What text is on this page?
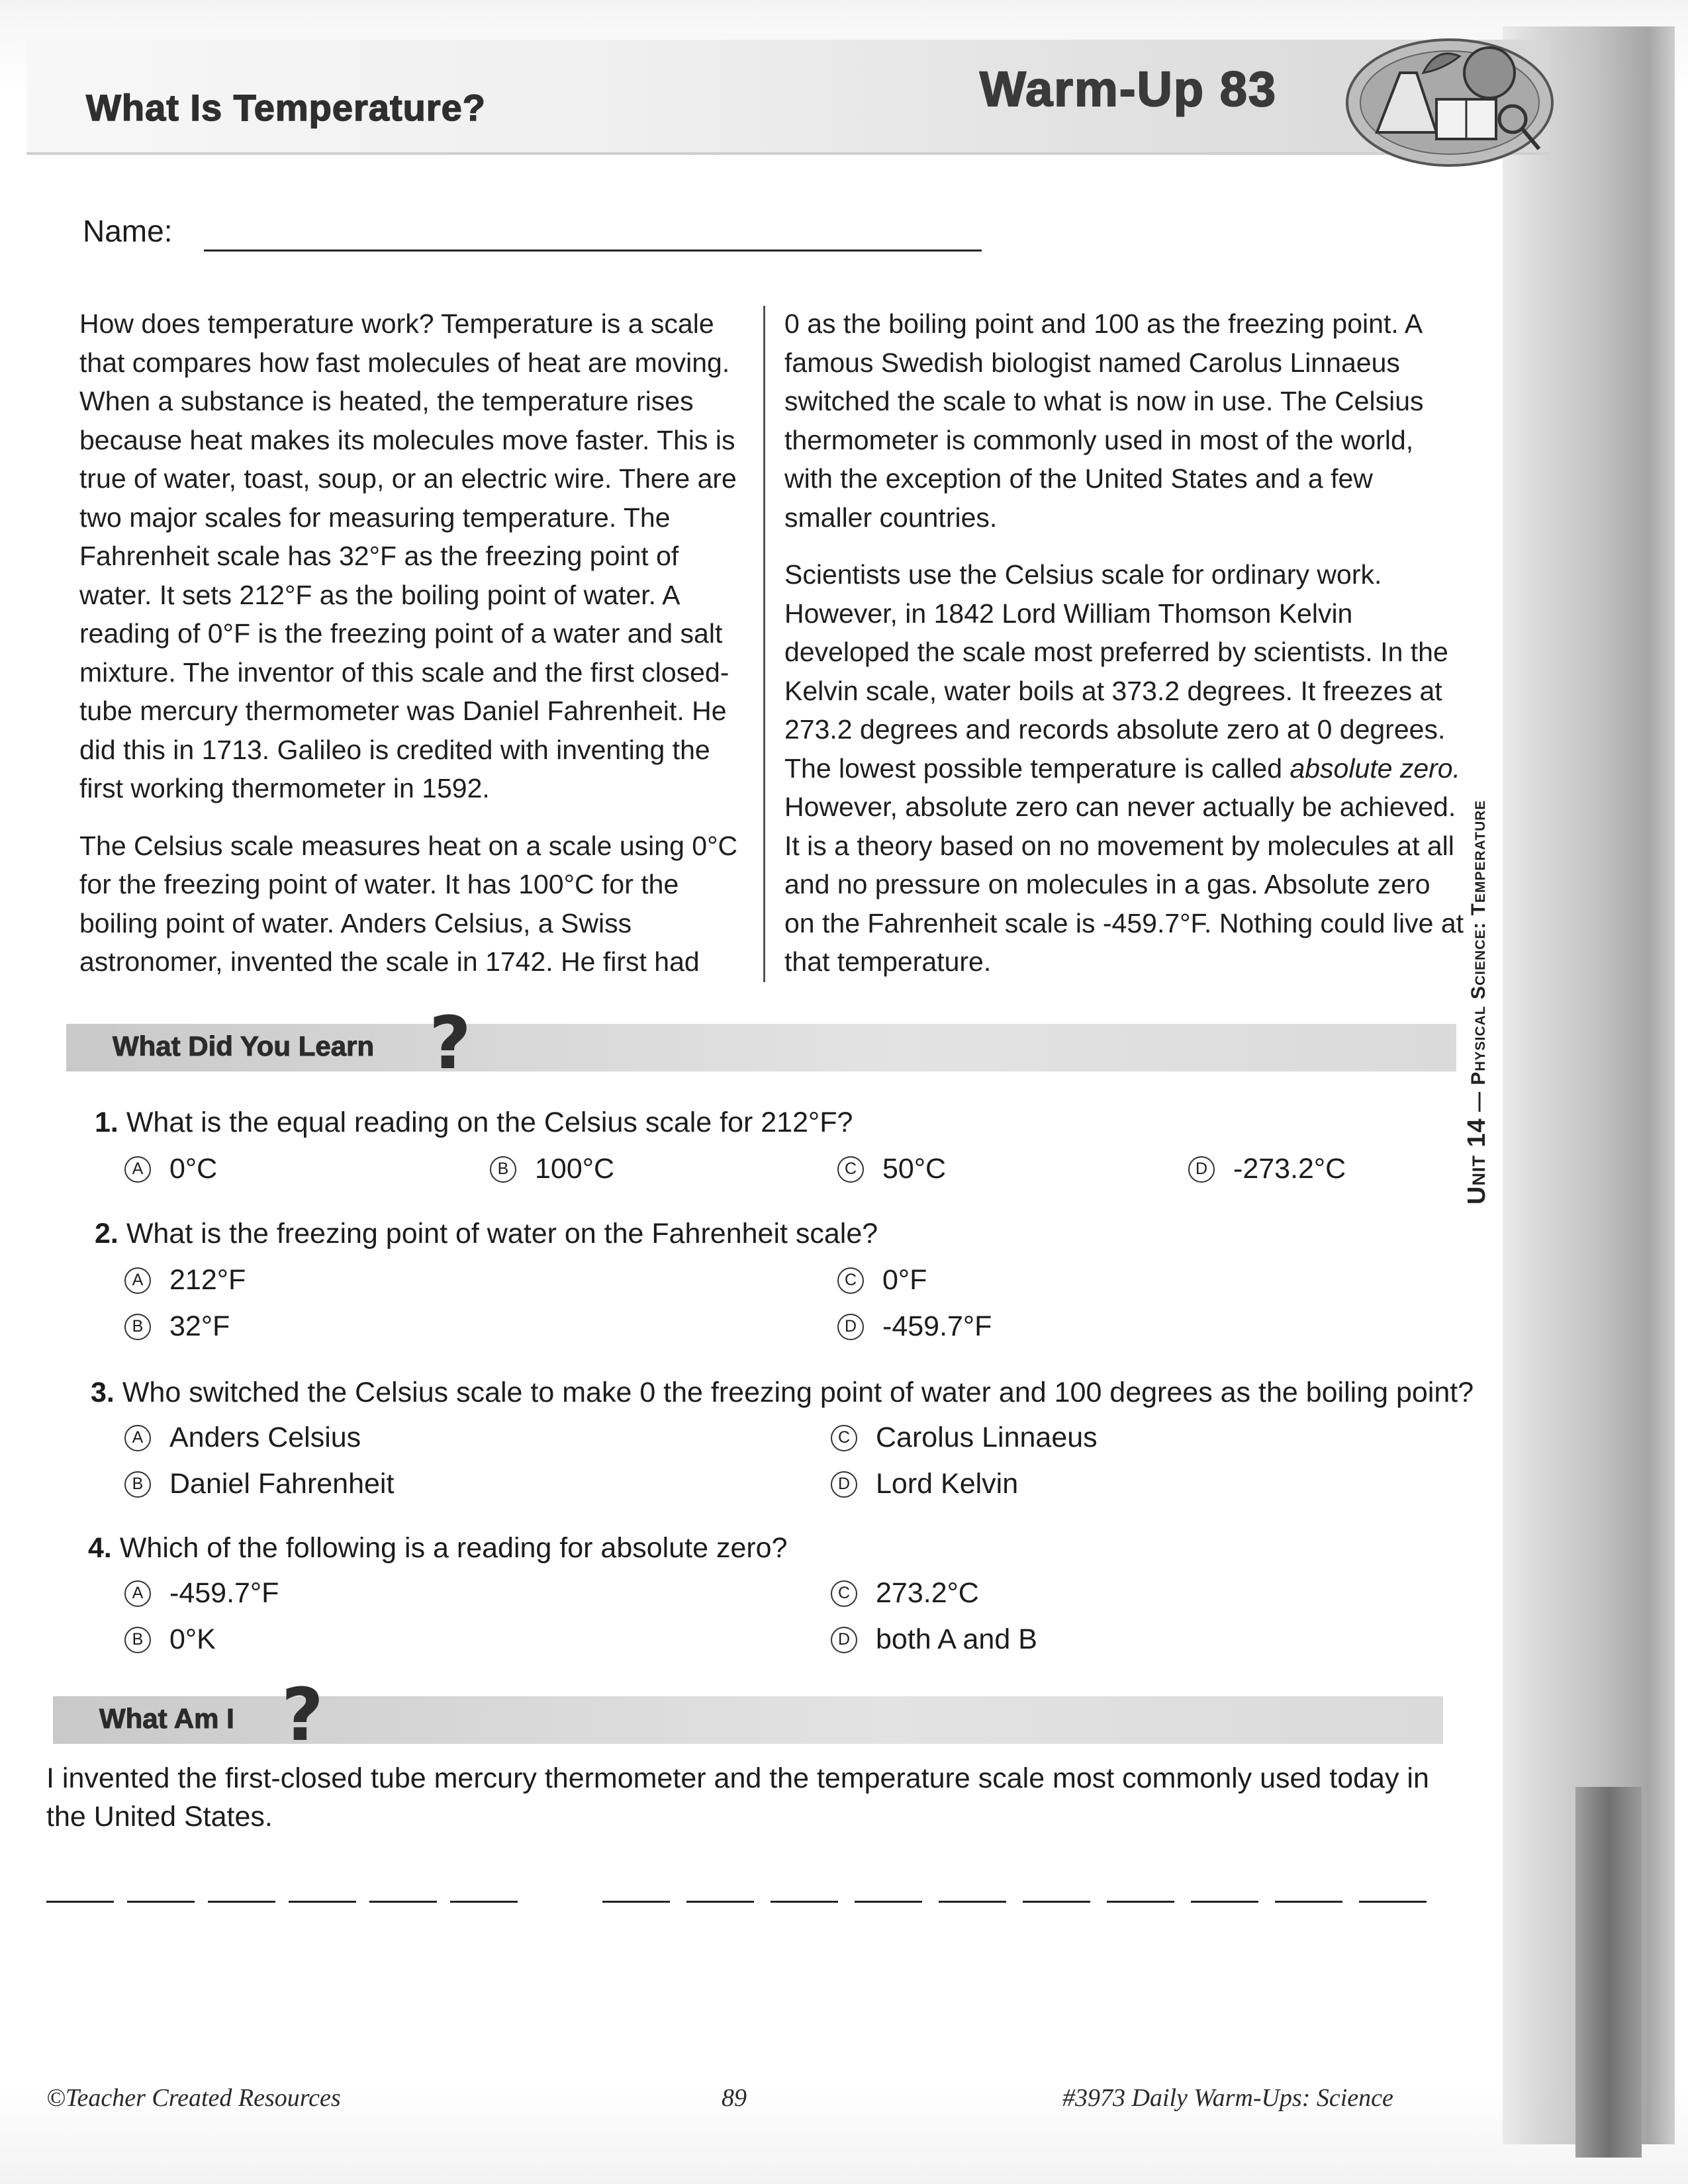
What Is Temperature?	Warm-Up 83
Name:

How does temperature work? Temperature is a scale that compares how fast molecules of heat are moving. When a substance is heated, the temperature rises because heat makes its molecules move faster. This is true of water, toast, soup, or an electric wire. There are two major scales for measuring temperature. The Fahrenheit scale has 32°F as the freezing point of water. It sets 212°F as the boiling point of water. A reading of 0°F is the freezing point of a water and salt mixture. The inventor of this scale and the first closed-tube mercury thermometer was Daniel Fahrenheit. He did this in 1713. Galileo is credited with inventing the first working thermometer in 1592.

The Celsius scale measures heat on a scale using 0°C for the freezing point of water. It has 100°C for the boiling point of water. Anders Celsius, a Swiss astronomer, invented the scale in 1742. He first had

0 as the boiling point and 100 as the freezing point. A famous Swedish biologist named Carolus Linnaeus switched the scale to what is now in use. The Celsius thermometer is commonly used in most of the world, with the exception of the United States and a few smaller countries.

Scientists use the Celsius scale for ordinary work. However, in 1842 Lord William Thomson Kelvin developed the scale most preferred by scientists. In the Kelvin scale, water boils at 373.2 degrees. It freezes at 273.2 degrees and records absolute zero at 0 degrees. The lowest possible temperature is called absolute zero. However, absolute zero can never actually be achieved. It is a theory based on no movement by molecules at all and no pressure on molecules in a gas. Absolute zero on the Fahrenheit scale is -459.7°F. Nothing could live at that temperature.

What Did You Learn ?
1. What is the equal reading on the Celsius scale for 212°F?
A 0°C	B 100°C	C 50°C	D -273.2°C
2. What is the freezing point of water on the Fahrenheit scale?
A 212°F
B 32°F
C 0°F
D -459.7°F
3. Who switched the Celsius scale to make 0 the freezing point of water and 100 degrees as the boiling point?
A Anders Celsius
B Daniel Fahrenheit
C Carolus Linnaeus
D Lord Kelvin
4. Which of the following is a reading for absolute zero?
A -459.7°F
B 0°K
C 273.2°C
D both A and B
What Am I ?
I invented the first-closed tube mercury thermometer and the temperature scale most commonly used today in the United States.
©Teacher Created Resources	89	#3973 Daily Warm-Ups: Science
Unit 14 — Physical Science: Temperature
